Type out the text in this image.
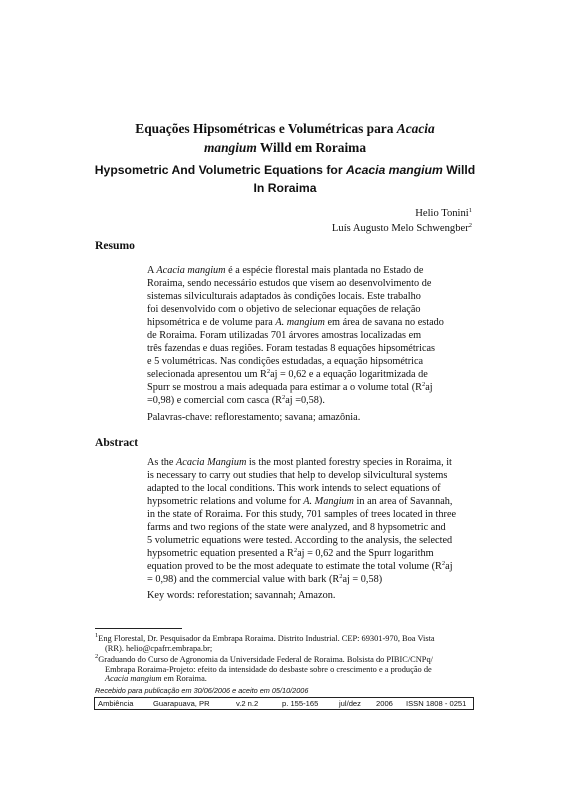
Equações Hipsométricas e Volumétricas para Acacia
mangium Willd em Roraima
Hypsometric And Volumetric Equations for Acacia mangium Willd
In Roraima
Helio Tonini$^1$
Luís Augusto Melo Schwengber$^2$
Resumo
A Acacia mangium é a espécie florestal mais plantada no Estado de
Roraima, sendo necessário estudos que visem ao desenvolvimento de
sistemas silviculturais adaptados às condições locais. Este trabalho
foi desenvolvido com o objetivo de selecionar equações de relação
hipsométrica e de volume para A. mangium em área de savana no estado
de Roraima. Foram utilizadas 701 árvores amostras localizadas em
três fazendas e duas regiões. Foram testadas 8 equações hipsométricas
e 5 volumétricas. Nas condições estudadas, a equação hipsométrica
selecionada apresentou um $R^2aj = 0,62$ e a equação logaritmizada de
Spurr se mostrou a mais adequada para estimar a o volume total ($R^2aj$
=0,98) e comercial com casca $(R^2aj =0,58)$.
Palavras-chave: reflorestamento; savana; amazônia.
Abstract
As the Acacia Mangium is the most planted forestry species in Roraima, it
is necessary to carry out studies that help to develop silvicultural systems
adapted to the local conditions. This work intends to select equations of
hypsometric relations and volume for A. Mangium in an area of Savannah,
in the state of Roraima. For this study, 701 samples of trees located in three
farms and two regions of the state were analyzed, and 8 hypsometric and
5 volumetric equations were tested. According to the analysis, the selected
hypsometric equation presented a $R^2aj = 0,62$ and the Spurr logarithm
equation proved to be the most adequate to estimate the total volume ($R^2aj$
= 0,98) and the commercial value with bark $(R^2aj = 0,58)$
Key words: reforestation; savannah; Amazon.
$^1$Eng Florestal, Dr. Pesquisador da Embrapa Roraima. Distrito Industrial. CEP: 69301-970, Boa Vista
(RR). helio@cpafrr.embrapa.br;
$^2$Graduando do Curso de Agronomia da Universidade Federal de Roraima. Bolsista do PIBIC/CNPq/
Embrapa Roraima-Projeto: efeito da intensidade do desbaste sobre o crescimento e a produção de
Acacia mangium em Roraima.
Recebido para publicação em 30/06/2006 e aceito em 05/10/2006
Ambiência	Guarapuava, PR	v.2 n.2	p. 155-165	jul/dez 2006 ISSN 1808 - 0251
